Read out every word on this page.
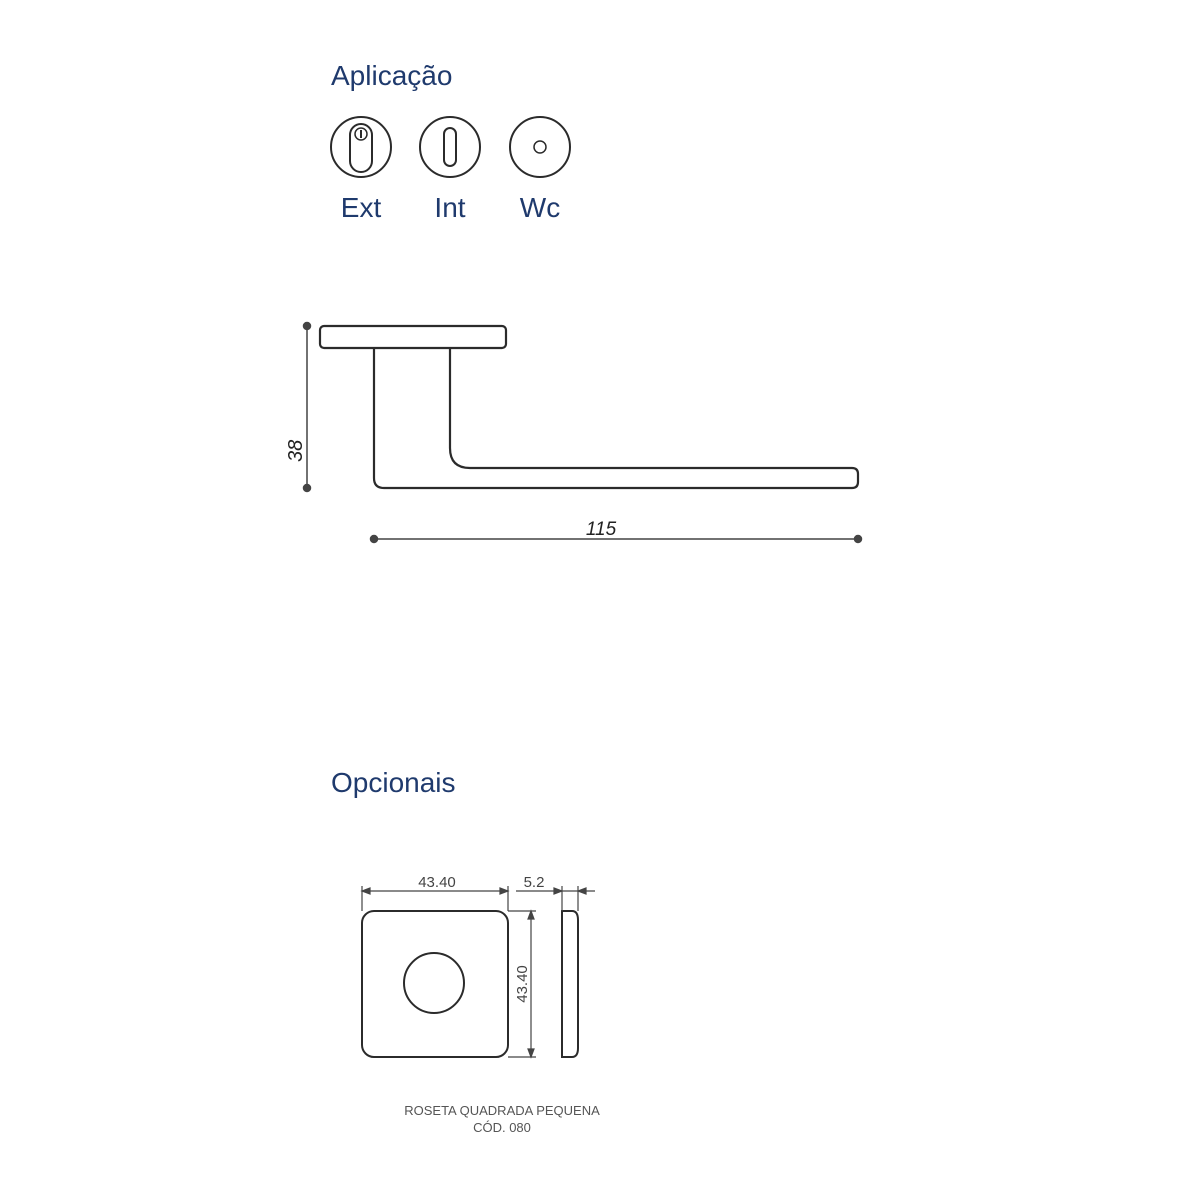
Aplicação
38
115
43.40
43.40
5.2
Ext	Int	Wc
Opcionais
ROSETA QUADRADA PEQUENA
CÓD. 080
